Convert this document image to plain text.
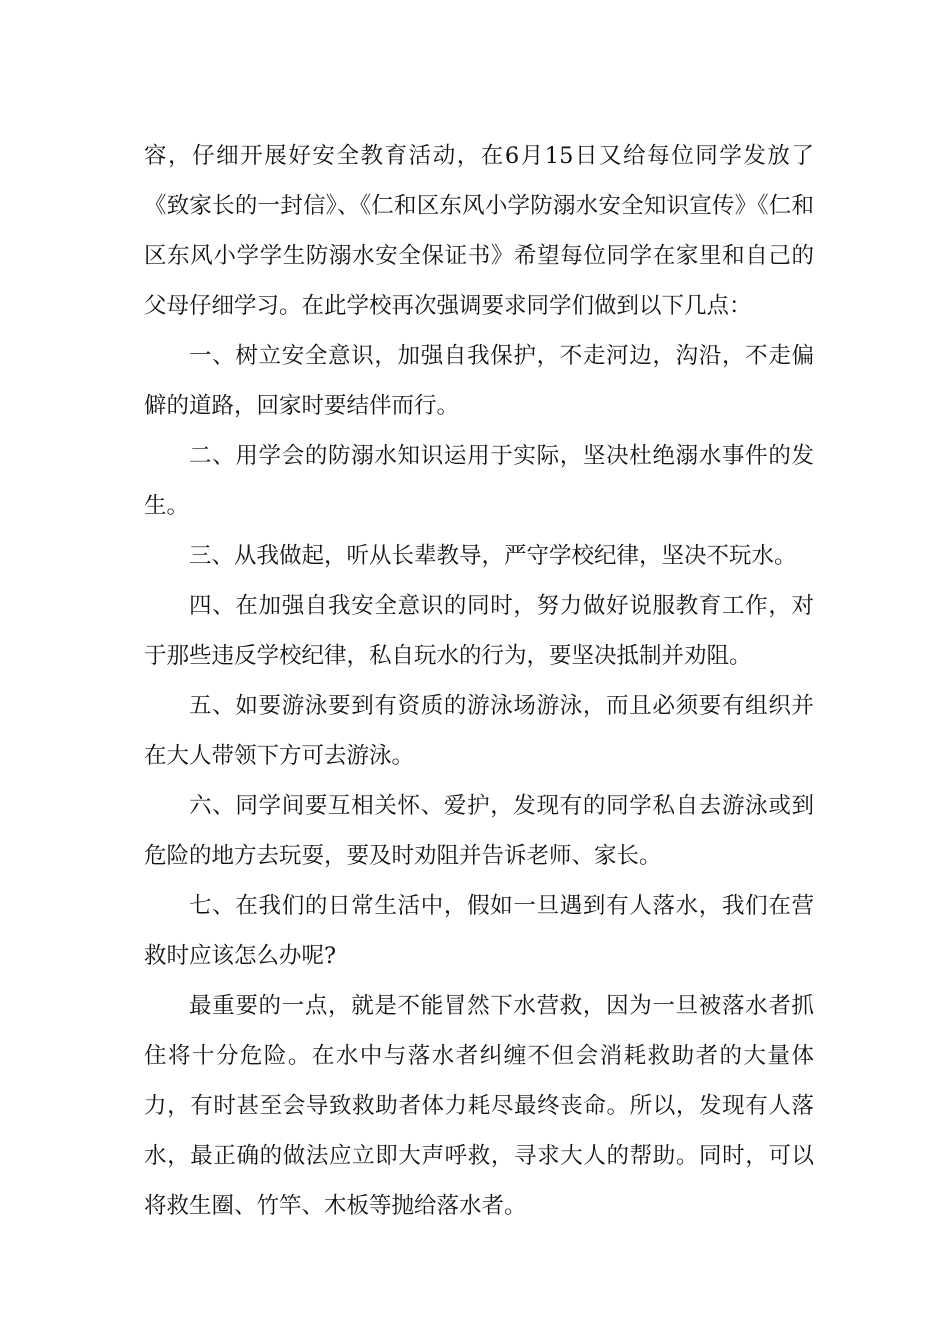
容，仔细开展好安全教育活动，在6月15日又给每位同学发放了《致家长的一封信》、《仁和区东风小学防溺水安全知识宣传》《仁和区东风小学学生防溺水安全保证书》希望每位同学在家里和自己的父母仔细学习。在此学校再次强调要求同学们做到以下几点：

一、树立安全意识，加强自我保护，不走河边，沟沿，不走偏僻的道路，回家时要结伴而行。

二、用学会的防溺水知识运用于实际，坚决杜绝溺水事件的发生。

三、从我做起，听从长辈教导，严守学校纪律，坚决不玩水。

四、在加强自我安全意识的同时，努力做好说服教育工作，对于那些违反学校纪律，私自玩水的行为，要坚决抵制并劝阻。

五、如要游泳要到有资质的游泳场游泳，而且必须要有组织并在大人带领下方可去游泳。

六、同学间要互相关怀、爱护，发现有的同学私自去游泳或到危险的地方去玩耍，要及时劝阻并告诉老师、家长。

七、在我们的日常生活中，假如一旦遇到有人落水，我们在营救时应该怎么办呢?

最重要的一点，就是不能冒然下水营救，因为一旦被落水者抓住将十分危险。在水中与落水者纠缠不但会消耗救助者的大量体力，有时甚至会导致救助者体力耗尽最终丧命。所以，发现有人落水，最正确的做法应立即大声呼救，寻求大人的帮助。同时，可以将救生圈、竹竿、木板等抛给落水者。
